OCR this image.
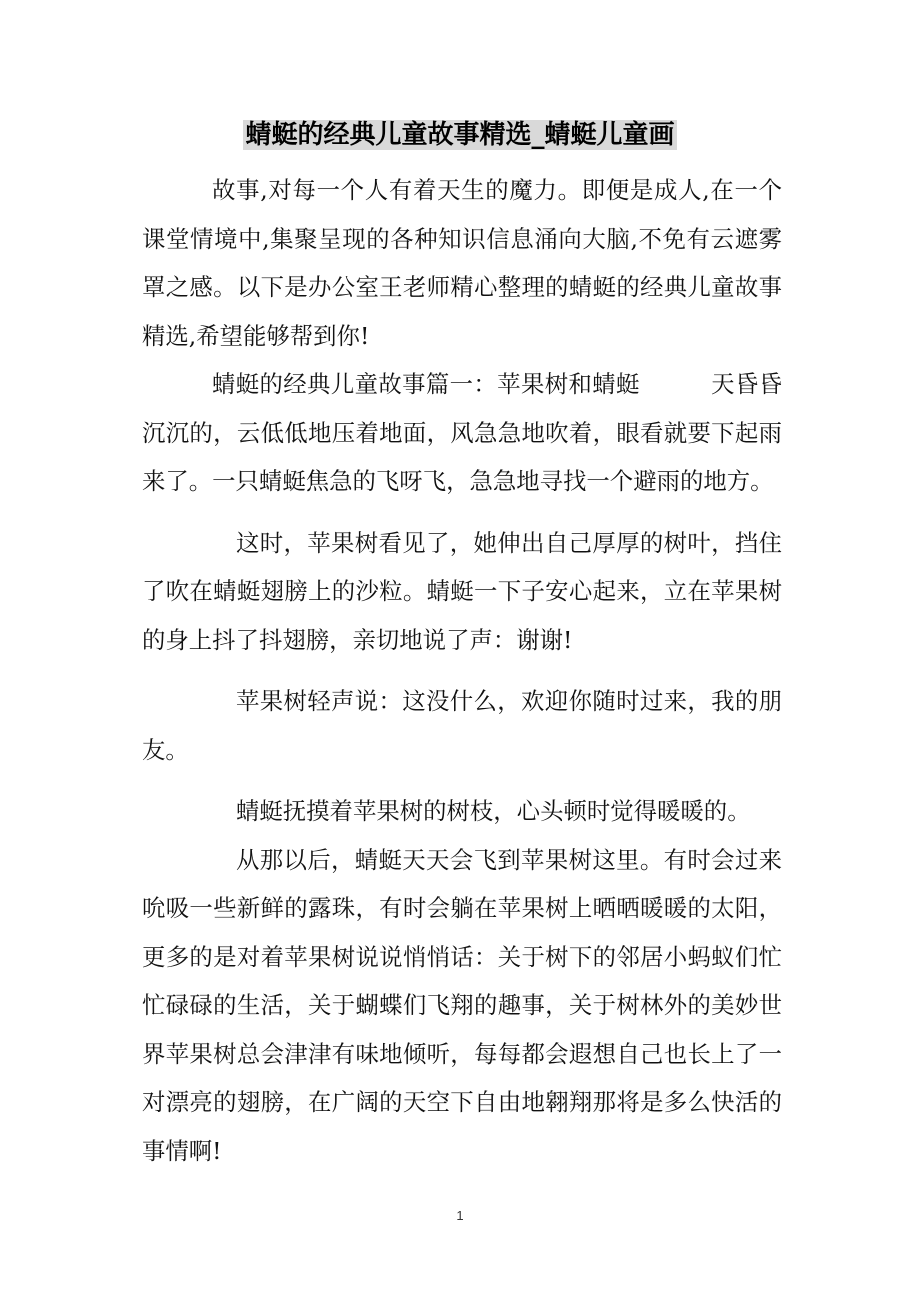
蜻蜓的经典儿童故事精选_蜻蜓儿童画

故事,对每一个人有着天生的魔力。即便是成人,在一个课堂情境中,集聚呈现的各种知识信息涌向大脑,不免有云遮雾罩之感。以下是办公室王老师精心整理的蜻蜓的经典儿童故事精选,希望能够帮到你!

蜻蜓的经典儿童故事篇一：苹果树和蜻蜓　　　天昏昏沉沉的，云低低地压着地面，风急急地吹着，眼看就要下起雨来了。一只蜻蜓焦急的飞呀飞，急急地寻找一个避雨的地方。

这时，苹果树看见了，她伸出自己厚厚的树叶，挡住了吹在蜻蜓翅膀上的沙粒。蜻蜓一下子安心起来，立在苹果树的身上抖了抖翅膀，亲切地说了声：谢谢!

苹果树轻声说：这没什么，欢迎你随时过来，我的朋友。

蜻蜓抚摸着苹果树的树枝，心头顿时觉得暖暖的。

从那以后，蜻蜓天天会飞到苹果树这里。有时会过来吮吸一些新鲜的露珠，有时会躺在苹果树上晒晒暖暖的太阳，更多的是对着苹果树说说悄悄话：关于树下的邻居小蚂蚁们忙忙碌碌的生活，关于蝴蝶们飞翔的趣事，关于树林外的美妙世界苹果树总会津津有味地倾听，每每都会遐想自己也长上了一对漂亮的翅膀，在广阔的天空下自由地翱翔那将是多么快活的事情啊!

1
